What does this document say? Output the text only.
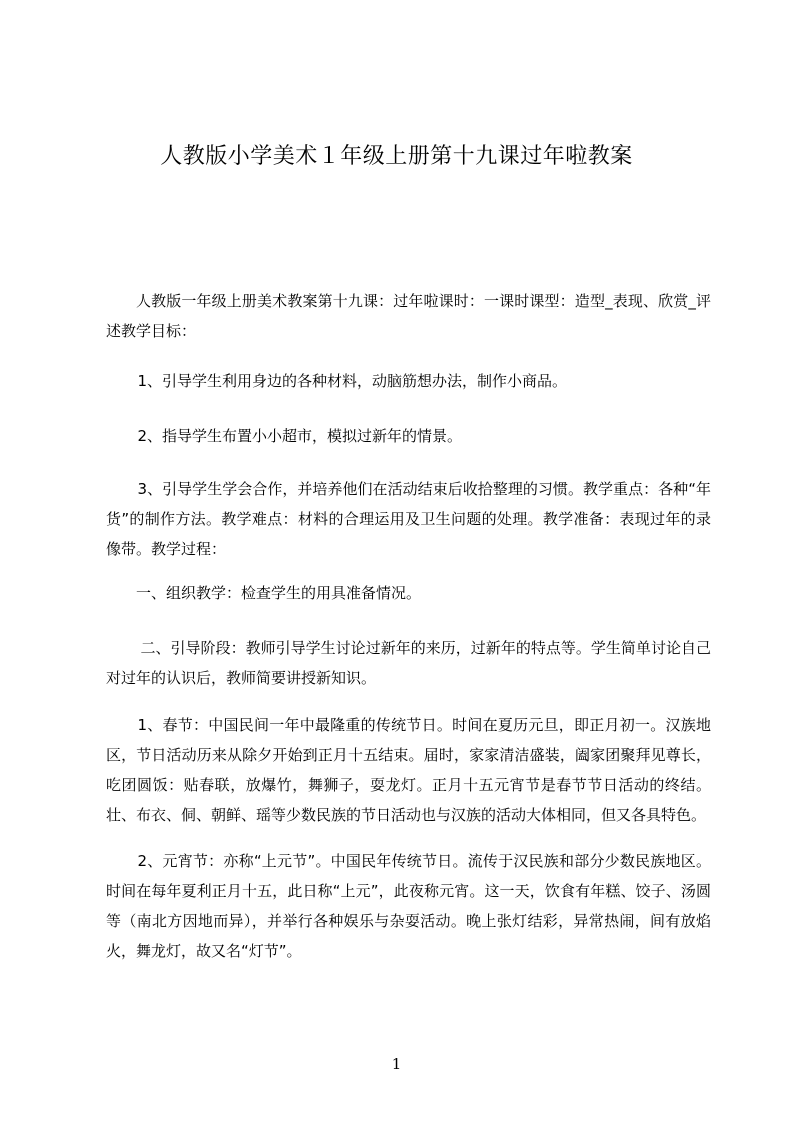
人教版小学美术１年级上册第十九课过年啦教案

人教版一年级上册美术教案第十九课：过年啦课时：一课时课型：造型_表现、欣赏_评述教学目标：

1、引导学生利用身边的各种材料，动脑筋想办法，制作小商品。

2、指导学生布置小小超市，模拟过新年的情景。

3、引导学生学会合作，并培养他们在活动结束后收拾整理的习惯。教学重点：各种“年货”的制作方法。教学难点：材料的合理运用及卫生问题的处理。教学准备：表现过年的录像带。教学过程：

一、组织教学：检查学生的用具准备情况。

二、引导阶段：教师引导学生讨论过新年的来历，过新年的特点等。学生简单讨论自己对过年的认识后，教师简要讲授新知识。

1、春节：中国民间一年中最隆重的传统节日。时间在夏历元旦，即正月初一。汉族地区，节日活动历来从除夕开始到正月十五结束。届时，家家清洁盛装，阖家团聚拜见尊长，吃团圆饭：贴春联，放爆竹，舞狮子，耍龙灯。正月十五元宵节是春节节日活动的终结。壮、布衣、侗、朝鲜、瑶等少数民族的节日活动也与汉族的活动大体相同，但又各具特色。

2、元宵节：亦称“上元节”。中国民年传统节日。流传于汉民族和部分少数民族地区。时间在每年夏利正月十五，此日称“上元”，此夜称元宵。这一天，饮食有年糕、饺子、汤圆等（南北方因地而异），并举行各种娱乐与杂耍活动。晚上张灯结彩，异常热闹，间有放焰火，舞龙灯，故又名“灯节”。

1
